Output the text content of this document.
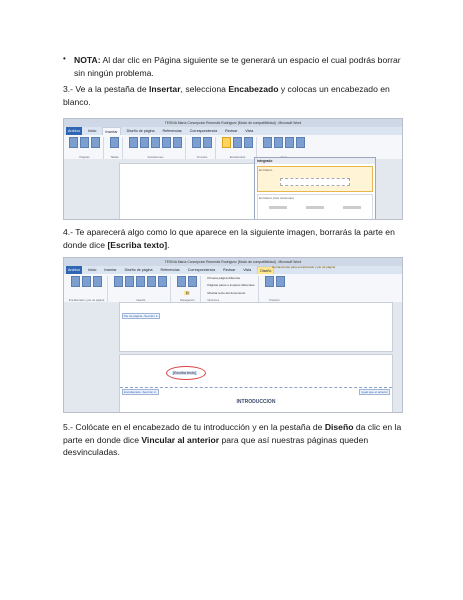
• NOTA: Al dar clic en Página siguiente se te generará un espacio el cual podrás borrar sin ningún problema.
3.- Ve a la pestaña de Insertar, selecciona Encabezado y colocas un encabezado en blanco.
TESINA María Concepción Recendiz Rodríguez [Modo de compatibilidad] - Microsoft Word
Archivo	Inicio	Insertar	Diseño de página	Referencias	Correspondencia	Revisar	Vista
Páginas	Tablas	Ilustraciones	Vínculos	Encabezado
Integrado
En blanco
En blanco (tres columnas)
4.- Te aparecerá algo como lo que aparece en la siguiente imagen, borrarás la parte en donde dice [Escriba texto].
TESINA María Concepción Recendiz Rodríguez [Modo de compatibilidad] - Microsoft Word
Archivo	Inicio	Insertar	Diseño de página	Referencias	Correspondencia	Revisar	Vista	Diseño
Herramientas para encabezado y pie de página
Encabezado y pie de página	Insertar
⛓
Navegación
Primera página diferente
Páginas pares e impares diferentes
Mostrar texto del documento
Opciones	Posición
Pie de página -Sección 1-
[Escriba texto]
Encabezado -Sección 2-	Igual que el anterior
INTRODUCCION
5.- Colócate en el encabezado de tu introducción y en la pestaña de Diseño da clic en la parte en donde dice Vincular al anterior para que así nuestras páginas queden desvinculadas.
